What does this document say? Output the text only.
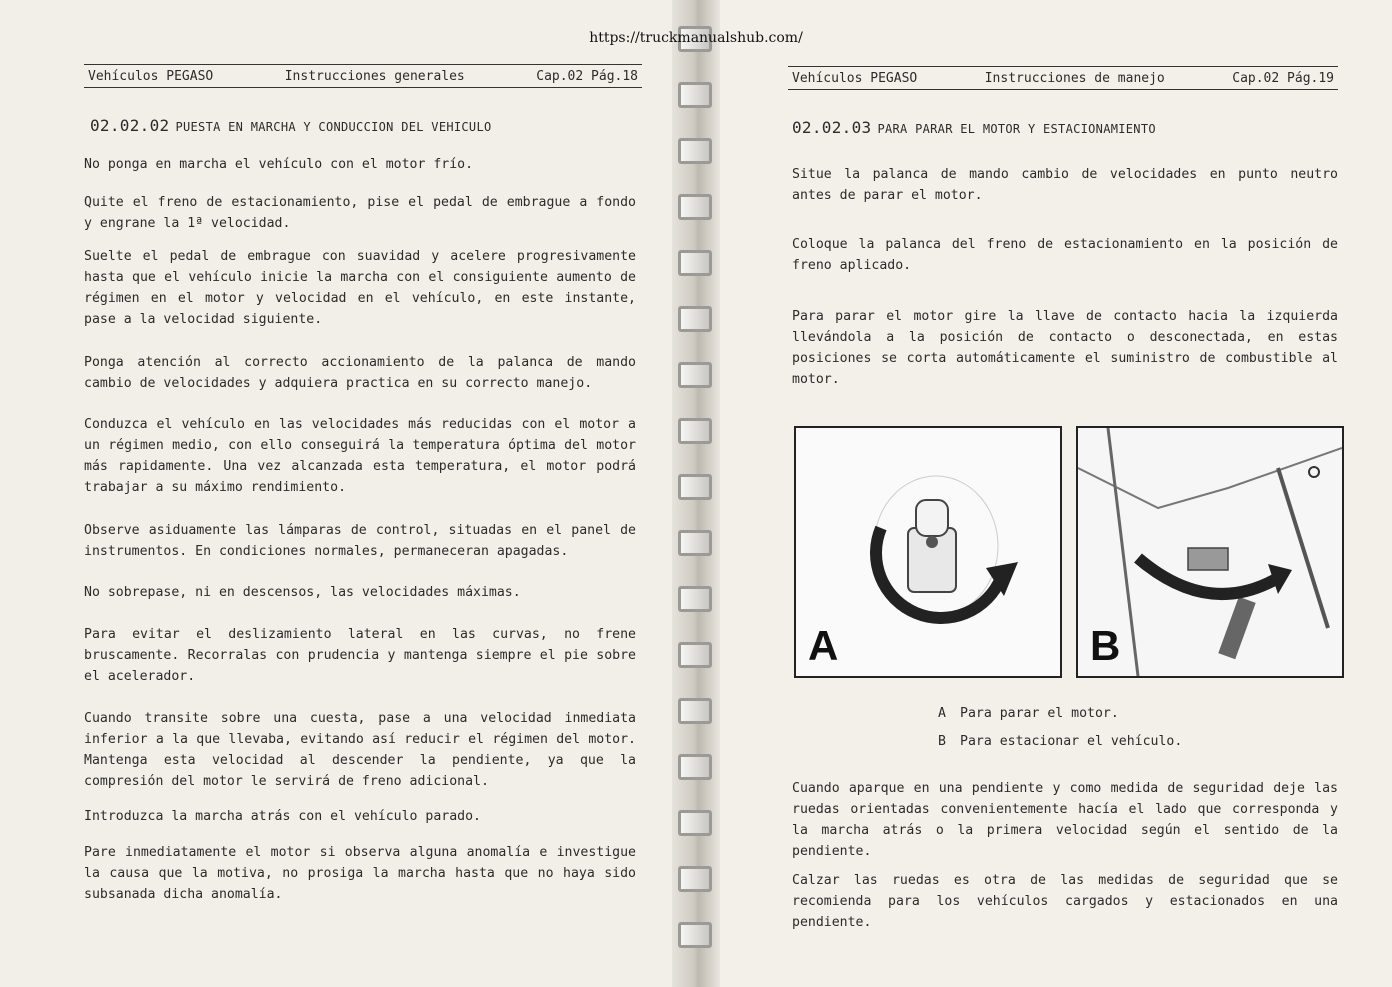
https://truckmanualshub.com/
Vehículos PEGASO	Instrucciones generales	Cap.02 Pág.18
02.02.02 PUESTA EN MARCHA Y CONDUCCION DEL VEHICULO
No ponga en marcha el vehículo con el motor frío.
Quite el freno de estacionamiento, pise el pedal de embrague a fondo y engrane la 1ª velocidad.
Suelte el pedal de embrague con suavidad y acelere progresivamente hasta que el vehículo inicie la marcha con el consiguiente aumento de régimen en el motor y velocidad en el vehículo, en este instante, pase a la velocidad siguiente.
Ponga atención al correcto accionamiento de la palanca de mando cambio de velocidades y adquiera practica en su correcto manejo.
Conduzca el vehículo en las velocidades más reducidas con el motor a un régimen medio, con ello conseguirá la temperatura óptima del motor más rapidamente. Una vez alcanzada esta temperatura, el motor podrá trabajar a su máximo rendimiento.
Observe asiduamente las lámparas de control, situadas en el panel de instrumentos. En condiciones normales, permaneceran apagadas.
No sobrepase, ni en descensos, las velocidades máximas.
Para evitar el deslizamiento lateral en las curvas, no frene bruscamente. Recorralas con prudencia y mantenga siempre el pie sobre el acelerador.
Cuando transite sobre una cuesta, pase a una velocidad inmediata inferior a la que llevaba, evitando así reducir el régimen del motor. Mantenga esta velocidad al descender la pendiente, ya que la compresión del motor le servirá de freno adicional.
Introduzca la marcha atrás con el vehículo parado.
Pare inmediatamente el motor si observa alguna anomalía e investigue la causa que la motiva, no prosiga la marcha hasta que no haya sido subsanada dicha anomalía.
Vehículos PEGASO	Instrucciones de manejo	Cap.02 Pág.19
02.02.03 PARA PARAR EL MOTOR Y ESTACIONAMIENTO
Situe la palanca de mando cambio de velocidades en punto neutro antes de parar el motor.
Coloque la palanca del freno de estacionamiento en la posición de freno aplicado.
Para parar el motor gire la llave de contacto hacia la izquierda llevándola a la posición de contacto o desconectada, en estas posiciones se corta automáticamente el suministro de combustible al motor.
A	B
A Para parar el motor.
B Para estacionar el vehículo.
Cuando aparque en una pendiente y como medida de seguridad deje las ruedas orientadas convenientemente hacía el lado que corresponda y la marcha atrás o la primera velocidad según el sentido de la pendiente.
Calzar las ruedas es otra de las medidas de seguridad que se recomienda para los vehículos cargados y estacionados en una pendiente.
